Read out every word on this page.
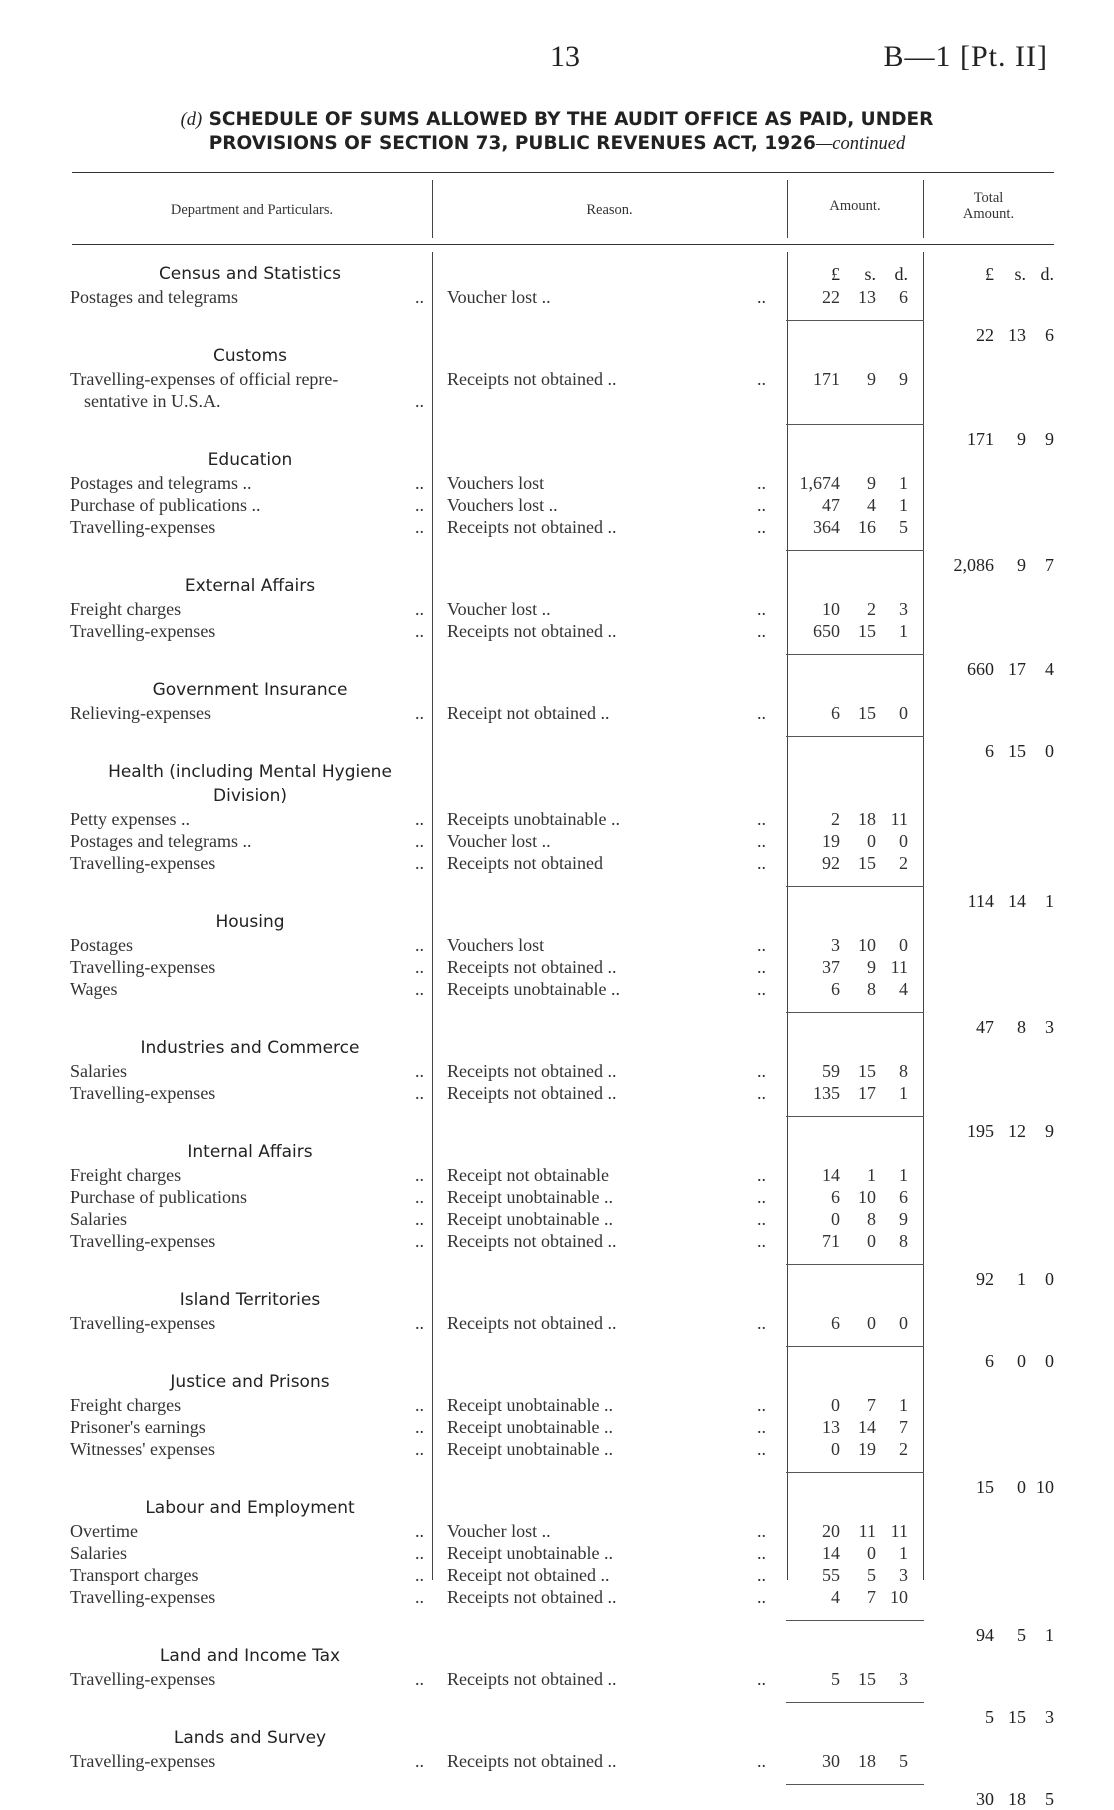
13	B—1 [Pt. II]
(d) SCHEDULE OF SUMS ALLOWED BY THE AUDIT OFFICE AS PAID, UNDER
PROVISIONS OF SECTION 73, PUBLIC REVENUES ACT, 1926—continued
Department and Particulars.	Reason.	Amount.	Total
Amount.
£ s. d.	£ s. d.
Census and Statistics
Postages and telegrams	.. Voucher lost ..	..	22 13 6
22 13 6
Customs
Travelling-expenses of official repre-
sentative in U.S.A.	..
Receipts not obtained ..	..	171 9 9
171 9 9
Education
Postages and telegrams ..	.. Vouchers lost	..	1,674 9 1
Purchase of publications ..	.. Vouchers lost ..	..	47 4 1
Travelling-expenses	.. Receipts not obtained ..	..	364 16 5
2,086 9 7
External Affairs
Freight charges	.. Voucher lost ..	..	10 2 3
Travelling-expenses	.. Receipts not obtained ..	..	650 15 1
660 17 4
Government Insurance
Relieving-expenses	.. Receipt not obtained ..	..	6 15 0
6 15 0
Health (including Mental Hygiene
Division)
Petty expenses ..	.. Receipts unobtainable ..	..	2 18 11
Postages and telegrams ..	.. Voucher lost ..	..	19 0 0
Travelling-expenses	.. Receipts not obtained	..	92 15 2
114 14 1
Housing
Postages	.. Vouchers lost	..	3 10 0
Travelling-expenses	.. Receipts not obtained ..	..	37 9 11
Wages	.. Receipts unobtainable ..	..	6 8 4
47 8 3
Industries and Commerce
Salaries	.. Receipts not obtained ..	..	59 15 8
Travelling-expenses	.. Receipts not obtained ..	..	135 17 1
195 12 9
Internal Affairs
Freight charges	.. Receipt not obtainable	..	14 1 1
Purchase of publications	.. Receipt unobtainable ..	..	6 10 6
Salaries	.. Receipt unobtainable ..	..	0 8 9
Travelling-expenses	.. Receipts not obtained ..	..	71 0 8
92 1 0
Island Territories
Travelling-expenses	.. Receipts not obtained ..	..	6 0 0
6 0 0
Justice and Prisons
Freight charges	.. Receipt unobtainable ..	..	0 7 1
Prisoner's earnings	.. Receipt unobtainable ..	..	13 14 7
Witnesses' expenses	.. Receipt unobtainable ..	..	0 19 2
15 0 10
Labour and Employment
Overtime	.. Voucher lost ..	..	20 11 11
Salaries	.. Receipt unobtainable ..	..	14 0 1
Transport charges	.. Receipt not obtained ..	..	55 5 3
Travelling-expenses	.. Receipts not obtained ..	..	4 7 10
94 5 1
Land and Income Tax
Travelling-expenses	.. Receipts not obtained ..	..	5 15 3
5 15 3
Lands and Survey
Travelling-expenses	.. Receipts not obtained ..	..	30 18 5
30 18 5
